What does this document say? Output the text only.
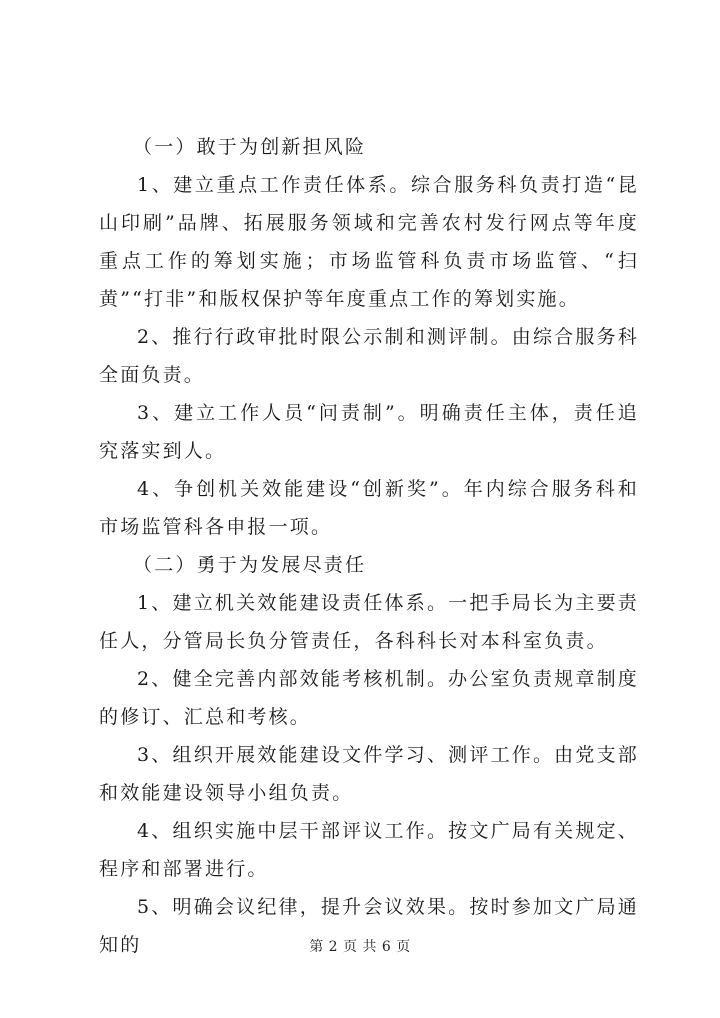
（一）敢于为创新担风险

1、建立重点工作责任体系。综合服务科负责打造“昆山印刷”品牌、拓展服务领域和完善农村发行网点等年度重点工作的筹划实施；市场监管科负责市场监管、“扫黄”“打非”和版权保护等年度重点工作的筹划实施。

2、推行行政审批时限公示制和测评制。由综合服务科全面负责。

3、建立工作人员“问责制”。明确责任主体，责任追究落实到人。

4、争创机关效能建设“创新奖”。年内综合服务科和市场监管科各申报一项。

（二）勇于为发展尽责任

1、建立机关效能建设责任体系。一把手局长为主要责任人，分管局长负分管责任，各科科长对本科室负责。

2、健全完善内部效能考核机制。办公室负责规章制度的修订、汇总和考核。

3、组织开展效能建设文件学习、测评工作。由党支部和效能建设领导小组负责。

4、组织实施中层干部评议工作。按文广局有关规定、程序和部署进行。

5、明确会议纪律，提升会议效果。按时参加文广局通知的	第 2 页 共 6 页
